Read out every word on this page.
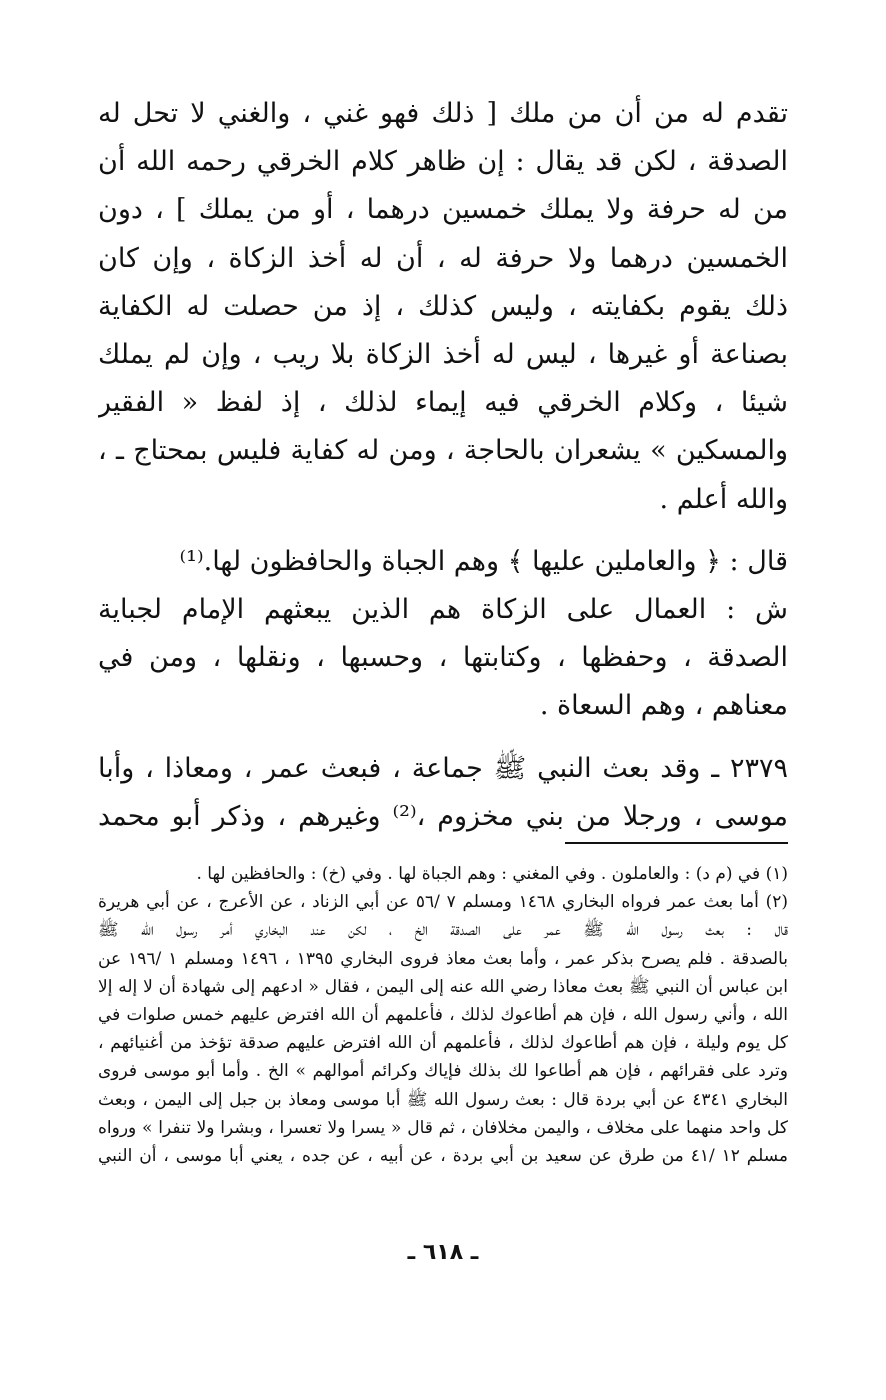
تقدم له من أن من ملك [ ذلك فهو غني ، والغني لا تحل له
الصدقة ، لكن قد يقال : إن ظاهر كلام الخرقي رحمه الله أن
من له حرفة ولا يملك خمسين درهما ، أو من يملك ] ، دون
الخمسين درهما ولا حرفة له ، أن له أخذ الزكاة ، وإن كان
ذلك يقوم بكفايته ، وليس كذلك ، إذ من حصلت له الكفاية
بصناعة أو غيرها ، ليس له أخذ الزكاة بلا ريب ، وإن لم يملك
شيئا ، وكلام الخرقي فيه إيماء لذلك ، إذ لفظ « الفقير
والمسكين » يشعران بالحاجة ، ومن له كفاية فليس بمحتاج ـ ،
والله أعلم .
قال : ﴿ والعاملين عليها ﴾ وهم الجباة والحافظون لها.⁽¹⁾
ش : العمال على الزكاة هم الذين يبعثهم الإمام لجباية
الصدقة ، وحفظها ، وكتابتها ، وحسبها ، ونقلها ، ومن في
معناهم ، وهم السعاة .
٢٣٧٩ ـ وقد بعث النبي ﷺ جماعة ، فبعث عمر ، ومعاذا ، وأبا
موسى ، ورجلا من بني مخزوم ،⁽²⁾ وغيرهم ، وذكر أبو محمد
(١) في (م د) : والعاملون . وفي المغني : وهم الجباة لها . وفي (خ) : والحافظين لها .
(٢) أما بعث عمر فرواه البخاري ١٤٦٨ ومسلم ٧ /٥٦ عن أبي الزناد ، عن الأعرج ، عن أبي هريرة
قال : بعث رسول الله ﷺ عمر على الصدقة الخ ، لكن عند البخاري أمر رسول الله ﷺ
بالصدقة . فلم يصرح بذكر عمر ، وأما بعث معاذ فروى البخاري ١٣٩٥ ، ١٤٩٦ ومسلم ١ /١٩٦ عن
ابن عباس أن النبي ﷺ بعث معاذا رضي الله عنه إلى اليمن ، فقال « ادعهم إلى شهادة أن لا إله إلا
الله ، وأني رسول الله ، فإن هم أطاعوك لذلك ، فأعلمهم أن الله افترض عليهم خمس صلوات في
كل يوم وليلة ، فإن هم أطاعوك لذلك ، فأعلمهم أن الله افترض عليهم صدقة تؤخذ من أغنيائهم ،
وترد على فقرائهم ، فإن هم أطاعوا لك بذلك فإياك وكرائم أموالهم » الخ . وأما أبو موسى فروى
البخاري ٤٣٤١ عن أبي بردة قال : بعث رسول الله ﷺ أبا موسى ومعاذ بن جبل إلى اليمن ، وبعث
كل واحد منهما على مخلاف ، واليمن مخلافان ، ثم قال « يسرا ولا تعسرا ، وبشرا ولا تنفرا » ورواه
مسلم ١٢ /٤١ من طرق عن سعيد بن أبي بردة ، عن أبيه ، عن جده ، يعني أبا موسى ، أن النبي
ـ ٦١٨ ـ
